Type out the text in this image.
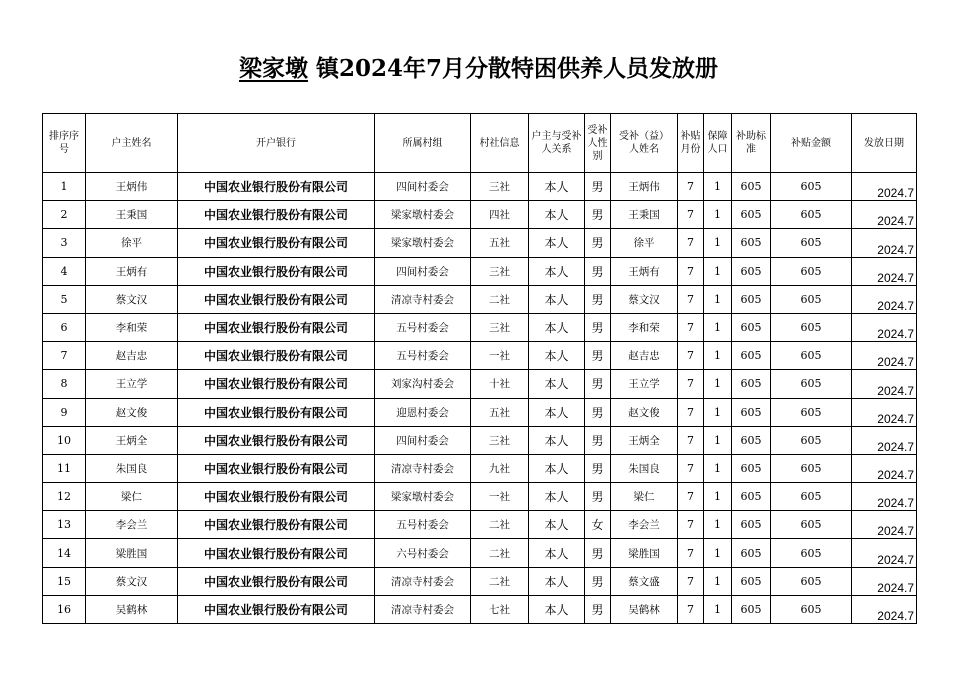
梁家墩 镇2024年7月分散特困供养人员发放册
排序序号	户主姓名	开户银行	所属村组	村社信息	户主与受补人关系	受补人性别	受补（益）人姓名	补贴月份	保障人口	补助标准	补贴金额	发放日期
1	王炳伟	中国农业银行股份有限公司	四间村委会	三社	本人	男	王炳伟	7	1	605	605	2024.7
2	王秉国	中国农业银行股份有限公司	梁家墩村委会	四社	本人	男	王秉国	7	1	605	605	2024.7
3	徐平	中国农业银行股份有限公司	梁家墩村委会	五社	本人	男	徐平	7	1	605	605	2024.7
4	王炳有	中国农业银行股份有限公司	四间村委会	三社	本人	男	王炳有	7	1	605	605	2024.7
5	蔡文汉	中国农业银行股份有限公司	清凉寺村委会	二社	本人	男	蔡文汉	7	1	605	605	2024.7
6	李和荣	中国农业银行股份有限公司	五号村委会	三社	本人	男	李和荣	7	1	605	605	2024.7
7	赵吉忠	中国农业银行股份有限公司	五号村委会	一社	本人	男	赵吉忠	7	1	605	605	2024.7
8	王立学	中国农业银行股份有限公司	刘家沟村委会	十社	本人	男	王立学	7	1	605	605	2024.7
9	赵文俊	中国农业银行股份有限公司	迎恩村委会	五社	本人	男	赵文俊	7	1	605	605	2024.7
10	王炳全	中国农业银行股份有限公司	四间村委会	三社	本人	男	王炳全	7	1	605	605	2024.7
11	朱国良	中国农业银行股份有限公司	清凉寺村委会	九社	本人	男	朱国良	7	1	605	605	2024.7
12	梁仁	中国农业银行股份有限公司	梁家墩村委会	一社	本人	男	梁仁	7	1	605	605	2024.7
13	李会兰	中国农业银行股份有限公司	五号村委会	二社	本人	女	李会兰	7	1	605	605	2024.7
14	梁胜国	中国农业银行股份有限公司	六号村委会	二社	本人	男	梁胜国	7	1	605	605	2024.7
15	蔡文汉	中国农业银行股份有限公司	清凉寺村委会	二社	本人	男	蔡文盛	7	1	605	605	2024.7
16	吴鹤林	中国农业银行股份有限公司	清凉寺村委会	七社	本人	男	吴鹤林	7	1	605	605	2024.7
